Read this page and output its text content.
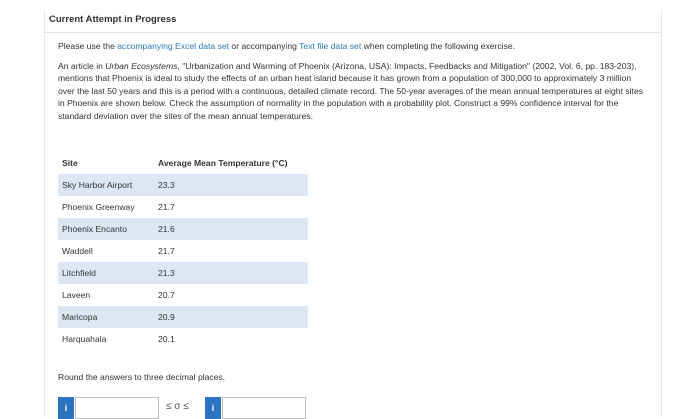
Current Attempt in Progress

Please use the accompanying Excel data set or accompanying Text file data set when completing the following exercise.

An article in Urban Ecosystems, "Urbanization and Warming of Phoenix (Arizona, USA): Impacts, Feedbacks and Mitigation" (2002, Vol. 6, pp. 183-203), mentions that Phoenix is ideal to study the effects of an urban heat island because it has grown from a population of 300,000 to approximately 3 million over the last 50 years and this is a period with a continuous, detailed climate record. The 50-year averages of the mean annual temperatures at eight sites in Phoenix are shown below. Check the assumption of normality in the population with a probability plot. Construct a 99% confidence interval for the standard deviation over the sites of the mean annual temperatures.

Site	Average Mean Temperature (°C)
Sky Harbor Airport	23.3
Phoenix Greenway	21.7
Phoenix Encanto	21.6
Waddell	21.7
Litchfield	21.3
Laveen	20.7
Maricopa	20.9
Harquahala	20.1
Round the answers to three decimal places.
i	≤ σ ≤	i
